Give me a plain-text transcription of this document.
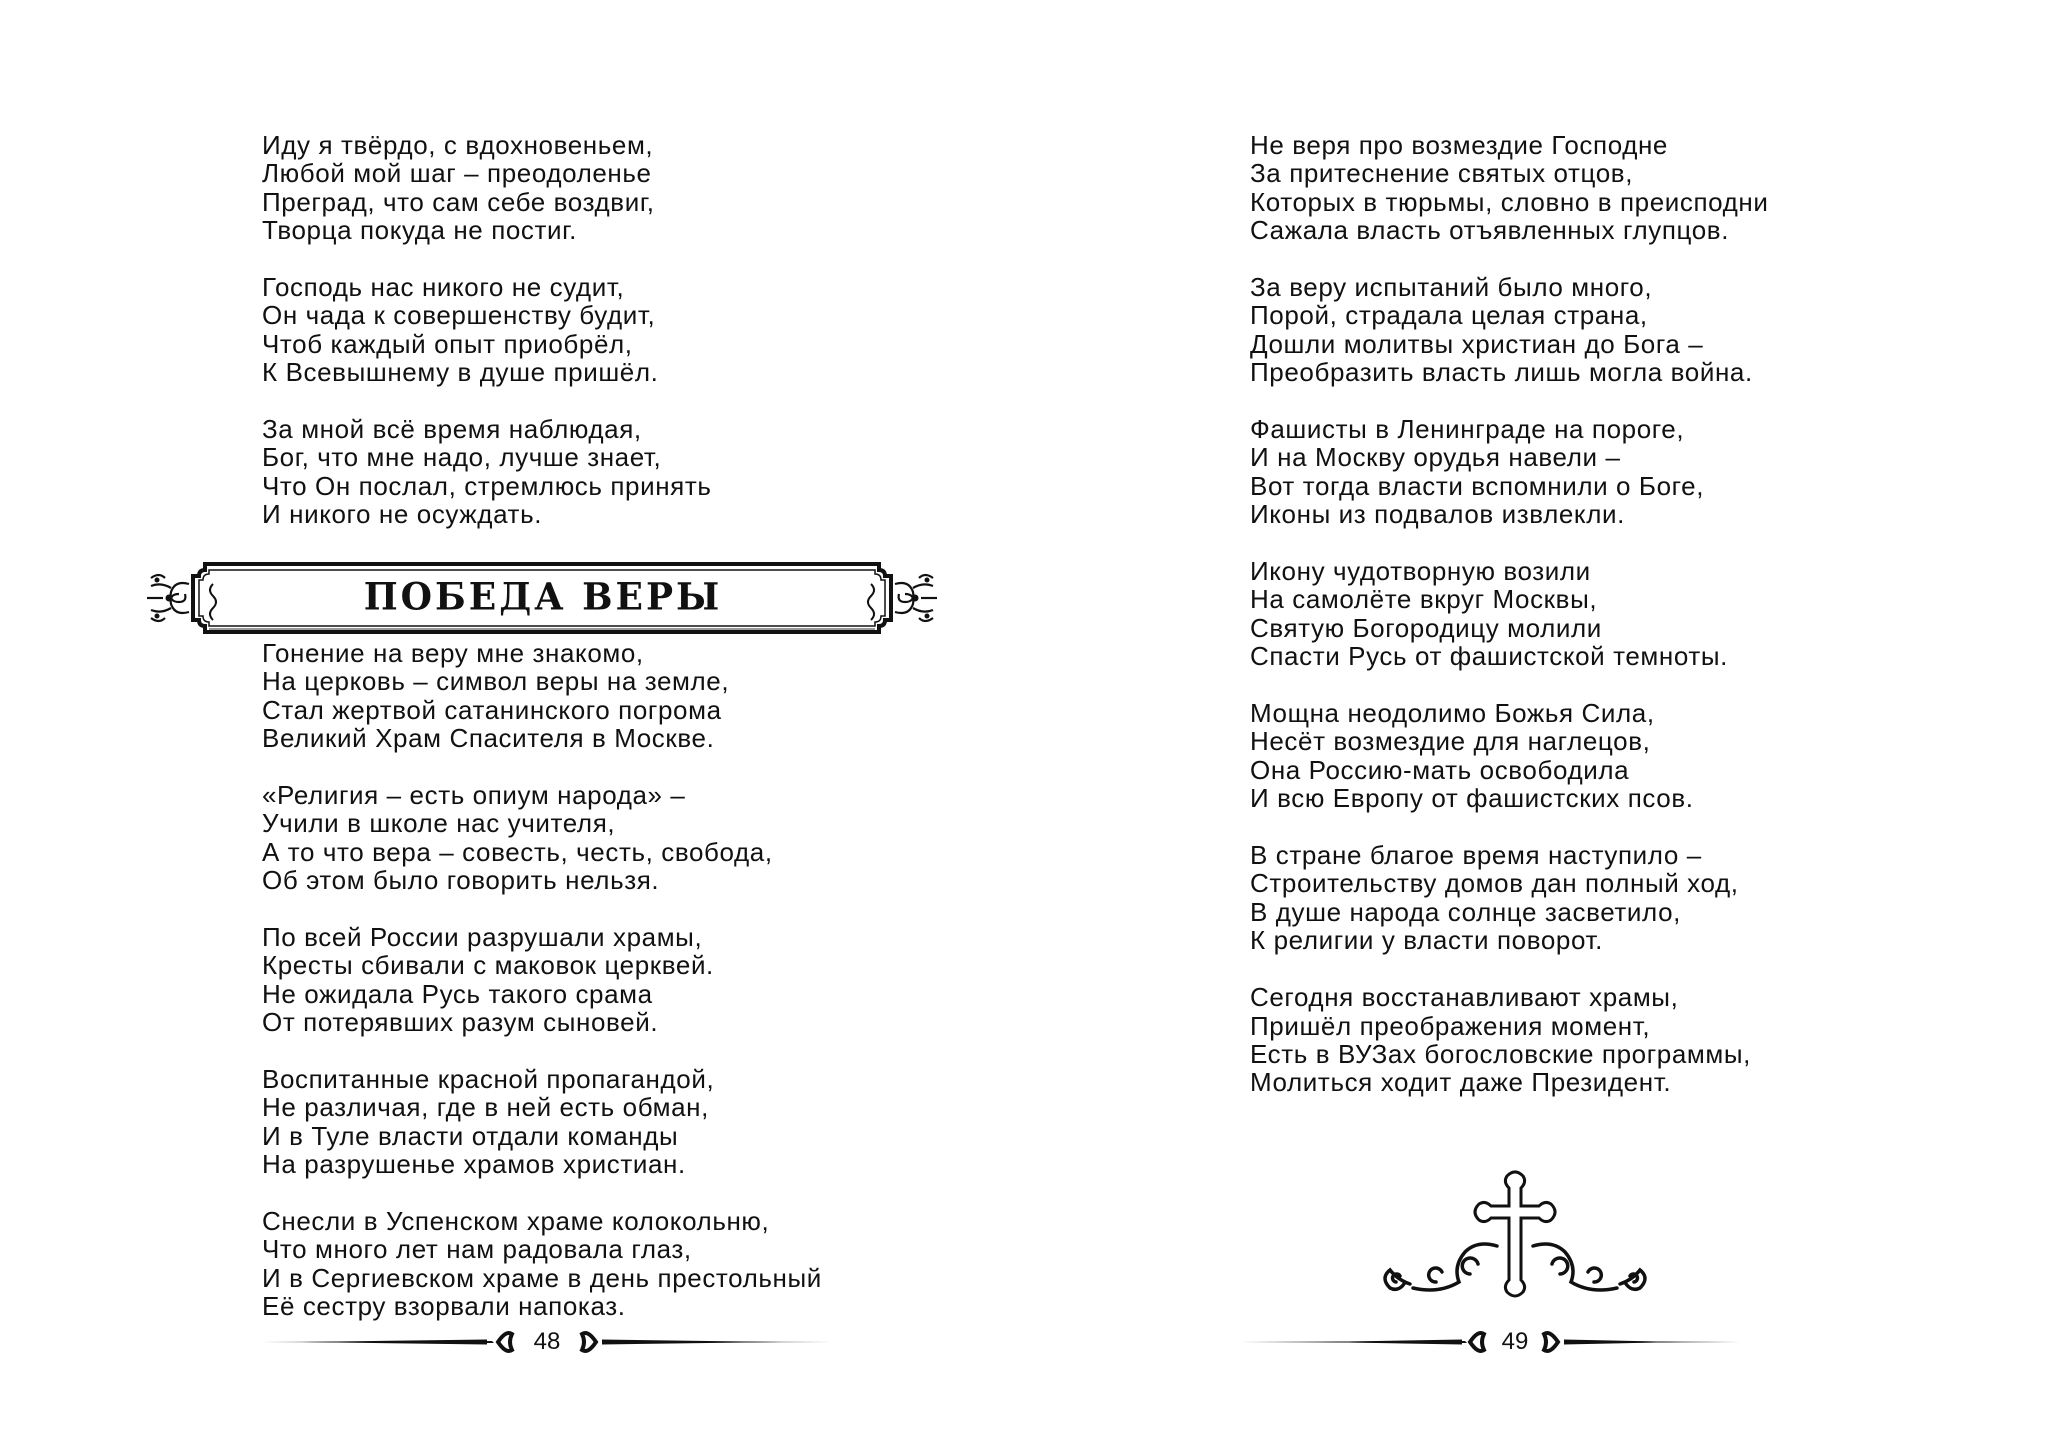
Иду я твёрдо, с вдохновеньем,
Любой мой шаг – преодоленье
Преград, что сам себе воздвиг,
Творца покуда не постиг.
Господь нас никого не судит,
Он чада к совершенству будит,
Чтоб каждый опыт приобрёл,
К Всевышнему в душе пришёл.
За мной всё время наблюдая,
Бог, что мне надо, лучше знает,
Что Он послал, стремлюсь принять
И никого не осуждать.
ПОБЕДА ВЕРЫ
Гонение на веру мне знакомо,
На церковь – символ веры на земле,
Стал жертвой сатанинского погрома
Великий Храм Спасителя в Москве.
«Религия – есть опиум народа» –
Учили в школе нас учителя,
А то что вера – совесть, честь, свобода,
Об этом было говорить нельзя.
По всей России разрушали храмы,
Кресты сбивали с маковок церквей.
Не ожидала Русь такого срама
От потерявших разум сыновей.
Воспитанные красной пропагандой,
Не различая, где в ней есть обман,
И в Туле власти отдали команды
На разрушенье храмов христиан.
Снесли в Успенском храме колокольню,
Что много лет нам радовала глаз,
И в Сергиевском храме в день престольный
Её сестру взорвали напоказ.
48
Не веря про возмездие Господне
За притеснение святых отцов,
Которых в тюрьмы, словно в преисподни
Сажала власть отъявленных глупцов.
За веру испытаний было много,
Порой, страдала целая страна,
Дошли молитвы христиан до Бога –
Преобразить власть лишь могла война.
Фашисты в Ленинграде на пороге,
И на Москву орудья навели –
Вот тогда власти вспомнили о Боге,
Иконы из подвалов извлекли.
Икону чудотворную возили
На самолёте вкруг Москвы,
Святую Богородицу молили
Спасти Русь от фашистской темноты.
Мощна неодолимо Божья Сила,
Несёт возмездие для наглецов,
Она Россию-мать освободила
И всю Европу от фашистских псов.
В стране благое время наступило –
Строительству домов дан полный ход,
В душе народа солнце засветило,
К религии у власти поворот.
Сегодня восстанавливают храмы,
Пришёл преображения момент,
Есть в ВУЗах богословские программы,
Молиться ходит даже Президент.
49
